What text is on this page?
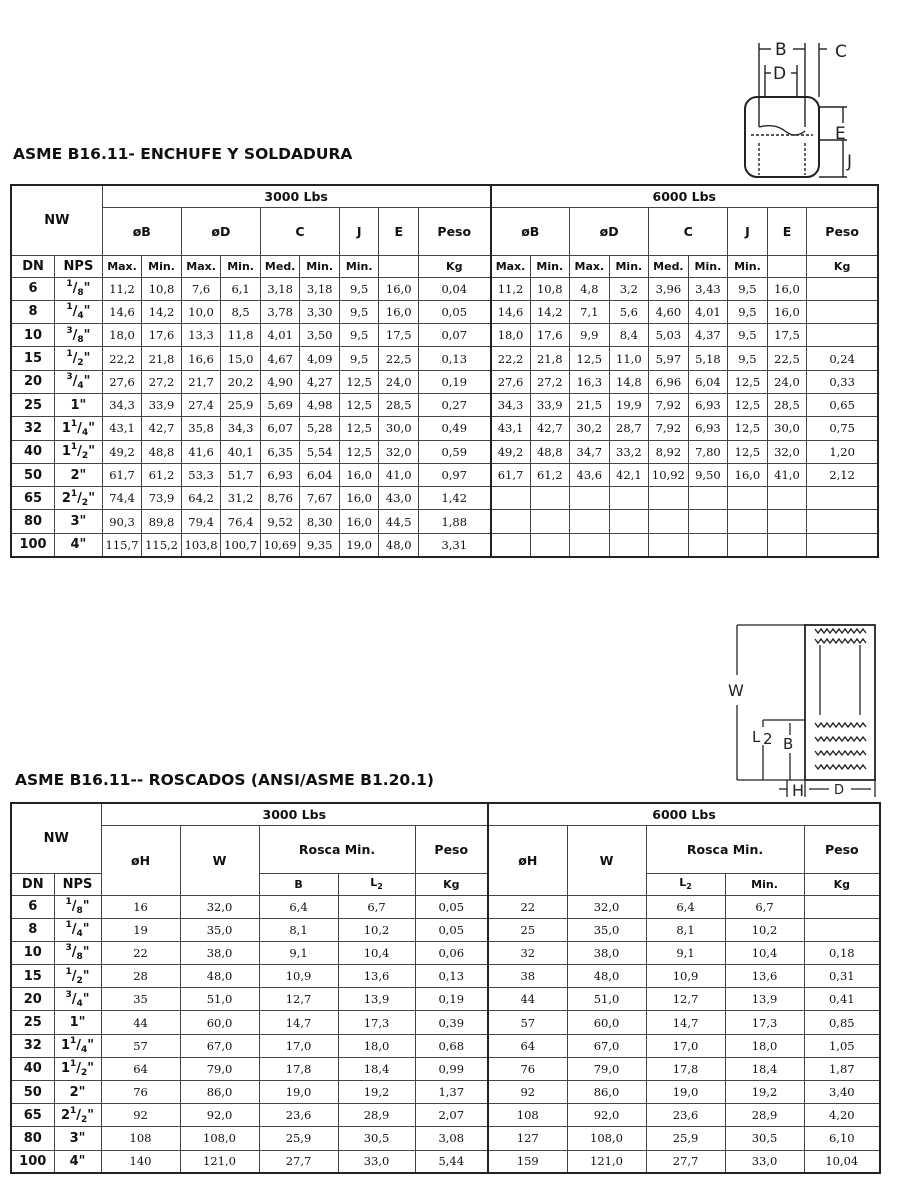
ASME B16.11- ENCHUFE Y SOLDADURA
B	C
D
E
J
NW		3000 Lbs									6000 Lbs								
		øB		øD		C		J	E	Peso	øB		øD		C		J	E	Peso
DN	NPS	Max.	Min.	Max.	Min.	Med.	Min.	Min.		Kg	Max.	Min.	Max.	Min.	Med.	Min.	Min.		Kg
6	$^1/_8$"	11,2	10,8	7,6	6,1	3,18	3,18	9,5	16,0	0,04	11,2	10,8	4,8	3,2	3,96	3,43	9,5	16,0	
8	$^1/_4$"	14,6	14,2	10,0	8,5	3,78	3,30	9,5	16,0	0,05	14,6	14,2	7,1	5,6	4,60	4,01	9,5	16,0	
10	$^3/_8$"	18,0	17,6	13,3	11,8	4,01	3,50	9,5	17,5	0,07	18,0	17,6	9,9	8,4	5,03	4,37	9,5	17,5	
15	$^1/_2$"	22,2	21,8	16,6	15,0	4,67	4,09	9,5	22,5	0,13	22,2	21,8	12,5	11,0	5,97	5,18	9,5	22,5	0,24
20	$^3/_4$"	27,6	27,2	21,7	20,2	4,90	4,27	12,5	24,0	0,19	27,6	27,2	16,3	14,8	6,96	6,04	12,5	24,0	0,33
25	1"	34,3	33,9	27,4	25,9	5,69	4,98	12,5	28,5	0,27	34,3	33,9	21,5	19,9	7,92	6,93	12,5	28,5	0,65
32	$1^1/_4$"	43,1	42,7	35,8	34,3	6,07	5,28	12,5	30,0	0,49	43,1	42,7	30,2	28,7	7,92	6,93	12,5	30,0	0,75
40	$1^1/_2$"	49,2	48,8	41,6	40,1	6,35	5,54	12,5	32,0	0,59	49,2	48,8	34,7	33,2	8,92	7,80	12,5	32,0	1,20
50	2"	61,7	61,2	53,3	51,7	6,93	6,04	16,0	41,0	0,97	61,7	61,2	43,6	42,1	10,92	9,50	16,0	41,0	2,12
65	$2^1/_2$"	74,4	73,9	64,2	31,2	8,76	7,67	16,0	43,0	1,42									
80	3"	90,3	89,8	79,4	76,4	9,52	8,30	16,0	44,5	1,88									
100	4"	115,7	115,2	103,8	100,7	10,69	9,35	19,0	48,0	3,31									
ASME B16.11-- ROSCADOS (ANSI/ASME B1.20.1)
W
L 2 B
H D
NW		3000 Lbs					6000 Lbs				
		øH	W	Rosca Min.		Peso	øH	W	Rosca Min.		Peso
DN	NPS			B	$L_2$	Kg			$L_2$	Min.	Kg
6	$^1/_8$"	16	32,0	6,4	6,7	0,05	22	32,0	6,4	6,7	
8	$^1/_4$"	19	35,0	8,1	10,2	0,05	25	35,0	8,1	10,2	
10	$^3/_8$"	22	38,0	9,1	10,4	0,06	32	38,0	9,1	10,4	0,18
15	$^1/_2$"	28	48,0	10,9	13,6	0,13	38	48,0	10,9	13,6	0,31
20	$^3/_4$"	35	51,0	12,7	13,9	0,19	44	51,0	12,7	13,9	0,41
25	1"	44	60,0	14,7	17,3	0,39	57	60,0	14,7	17,3	0,85
32	$1^1/_4$"	57	67,0	17,0	18,0	0,68	64	67,0	17,0	18,0	1,05
40	$1^1/_2$"	64	79,0	17,8	18,4	0,99	76	79,0	17,8	18,4	1,87
50	2"	76	86,0	19,0	19,2	1,37	92	86,0	19,0	19,2	3,40
65	$2^1/_2$"	92	92,0	23,6	28,9	2,07	108	92,0	23,6	28,9	4,20
80	3"	108	108,0	25,9	30,5	3,08	127	108,0	25,9	30,5	6,10
100	4"	140	121,0	27,7	33,0	5,44	159	121,0	27,7	33,0	10,04
